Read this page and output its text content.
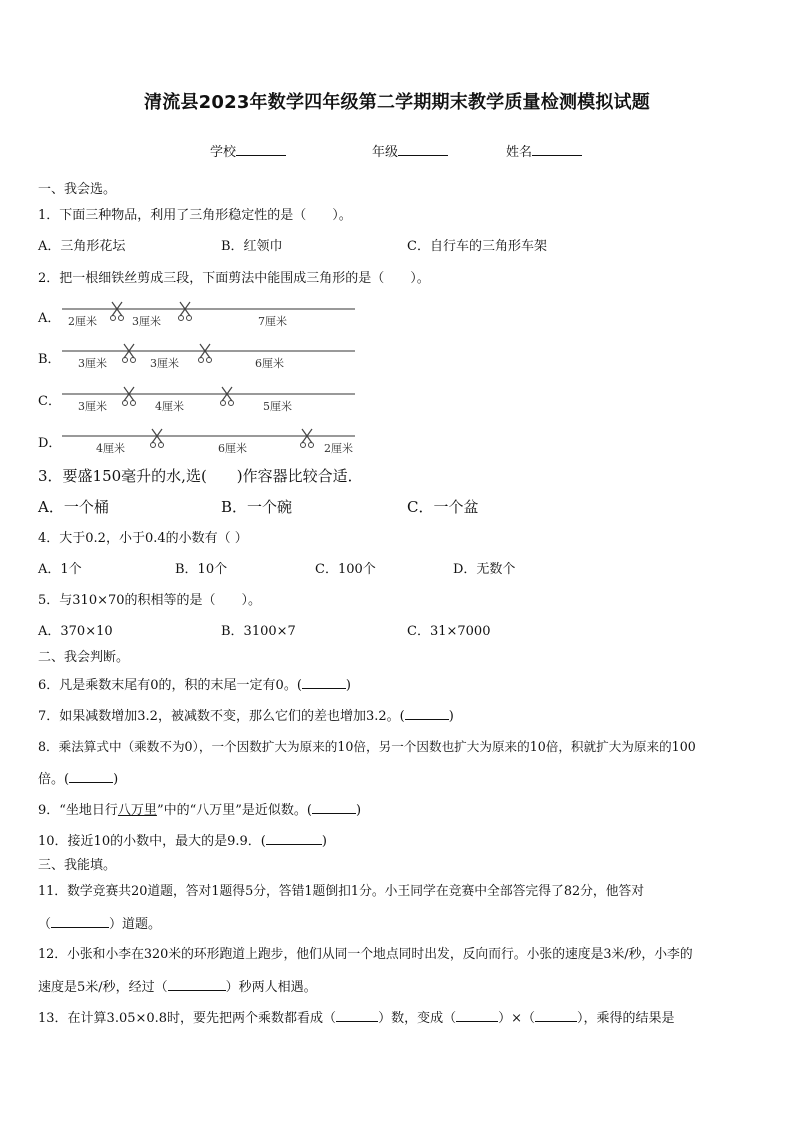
清流县2023年数学四年级第二学期期末教学质量检测模拟试题
学校	年级	姓名
一、我会选。
1．下面三种物品，利用了三角形稳定性的是（　　）。
A．三角形花坛	B．红领巾	C．自行车的三角形车架
2．把一根细铁丝剪成三段，下面剪法中能围成三角形的是（　　）。
A． 2厘米	3厘米	7厘米
B． 3厘米	3厘米	6厘米
C． 3厘米	4厘米	5厘米
D．	4厘米	6厘米	2厘米
3．要盛150毫升的水,选(　　)作容器比较合适．
A．一个桶	B．一个碗	C．一个盆
4．大于0.2，小于0.4的小数有（ ）
A．1个	B．10个	C．100个	D．无数个
5．与310×70的积相等的是（　　）。
A．370×10	B．3100×7	C．31×7000
二、我会判断。
6．凡是乘数末尾有0的，积的末尾一定有0。(	)
7．如果减数增加3.2，被减数不变，那么它们的差也增加3.2。(	)
8．乘法算式中（乘数不为0），一个因数扩大为原来的10倍，另一个因数也扩大为原来的10倍，积就扩大为原来的100
倍。(	)
9．“坐地日行八万里”中的“八万里”是近似数。(	)
10．接近10的小数中，最大的是9.9．(	)
三、我能填。
11．数学竞赛共20道题，答对1题得5分，答错1题倒扣1分。小王同学在竞赛中全部答完得了82分，他答对
（	）道题。
12．小张和小李在320米的环形跑道上跑步，他们从同一个地点同时出发，反向而行。小张的速度是3米/秒，小李的
速度是5米/秒，经过（	）秒两人相遇。
13．在计算3.05×0.8时，要先把两个乘数都看成（	）数，变成（	）×（	），乘得的结果是
